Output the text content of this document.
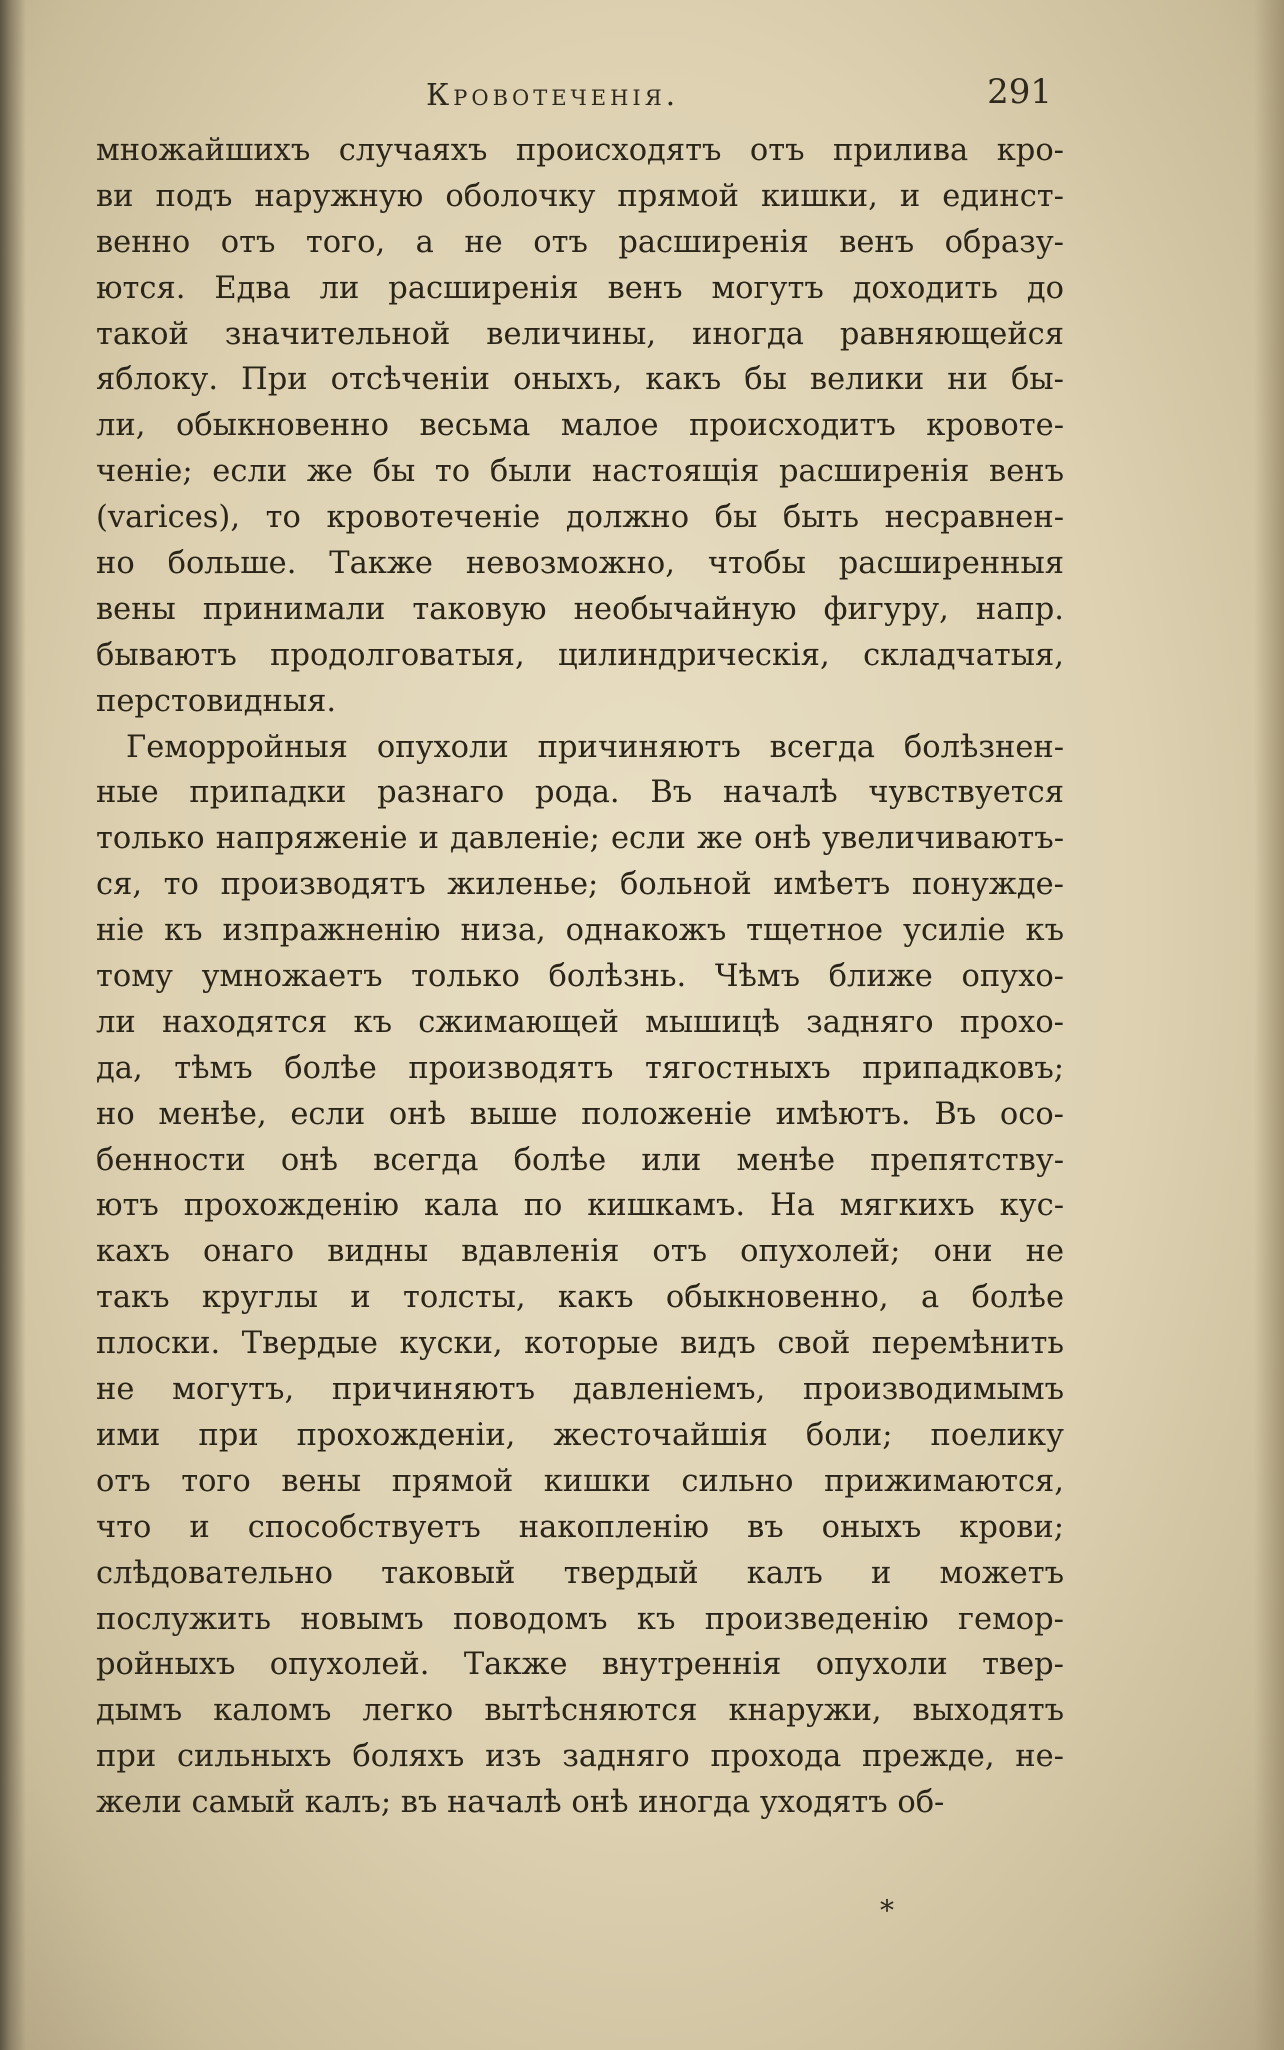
Кровотеченія.	291
множайшихъ случаяхъ происходятъ отъ прилива кро-
ви подъ наружную оболочку прямой кишки, и единст-
венно отъ того, а не отъ расширенія венъ образу-
ются. Едва ли расширенія венъ могутъ доходить до
такой значительной величины, иногда равняющейся
яблоку. При отсѣченіи оныхъ, какъ бы велики ни бы-
ли, обыкновенно весьма малое происходитъ кровоте-
ченіе; если же бы то были настоящія расширенія венъ
(varices), то кровотеченіе должно бы быть несравнен-
но больше. Также невозможно, чтобы расширенныя
вены принимали таковую необычайную фигуру, напр.
бываютъ продолговатыя, цилиндрическія, складчатыя,
перстовидныя.
Геморройныя опухоли причиняютъ всегда болѣзнен-
ные припадки разнаго рода. Въ началѣ чувствуется
только напряженіе и давленіе; если же онѣ увеличиваютъ-
ся, то производятъ жиленье; больной имѣетъ понужде-
ніе къ изпражненію низа, однакожъ тщетное усиліе къ
тому умножаетъ только болѣзнь. Чѣмъ ближе опухо-
ли находятся къ сжимающей мышицѣ задняго прохо-
да, тѣмъ болѣе производятъ тягостныхъ припадковъ;
но менѣе, если онѣ выше положеніе имѣютъ. Въ осо-
бенности онѣ всегда болѣе или менѣе препятству-
ютъ прохожденію кала по кишкамъ. На мягкихъ кус-
кахъ онаго видны вдавленія отъ опухолей; они не
такъ круглы и толсты, какъ обыкновенно, а болѣе
плоски. Твердые куски, которые видъ свой перемѣнить
не могутъ, причиняютъ давленіемъ, производимымъ
ими при прохожденіи, жесточайшія боли; поелику
отъ того вены прямой кишки сильно прижимаются,
что и способствуетъ накопленію въ оныхъ крови;
слѣдовательно таковый твердый калъ и можетъ
послужить новымъ поводомъ къ произведенію гемор-
ройныхъ опухолей. Также внутреннія опухоли твер-
дымъ каломъ легко вытѣсняются кнаружи, выходятъ
при сильныхъ боляхъ изъ задняго прохода прежде, не-
жели самый калъ; въ началѣ онѣ иногда уходятъ об-
*
